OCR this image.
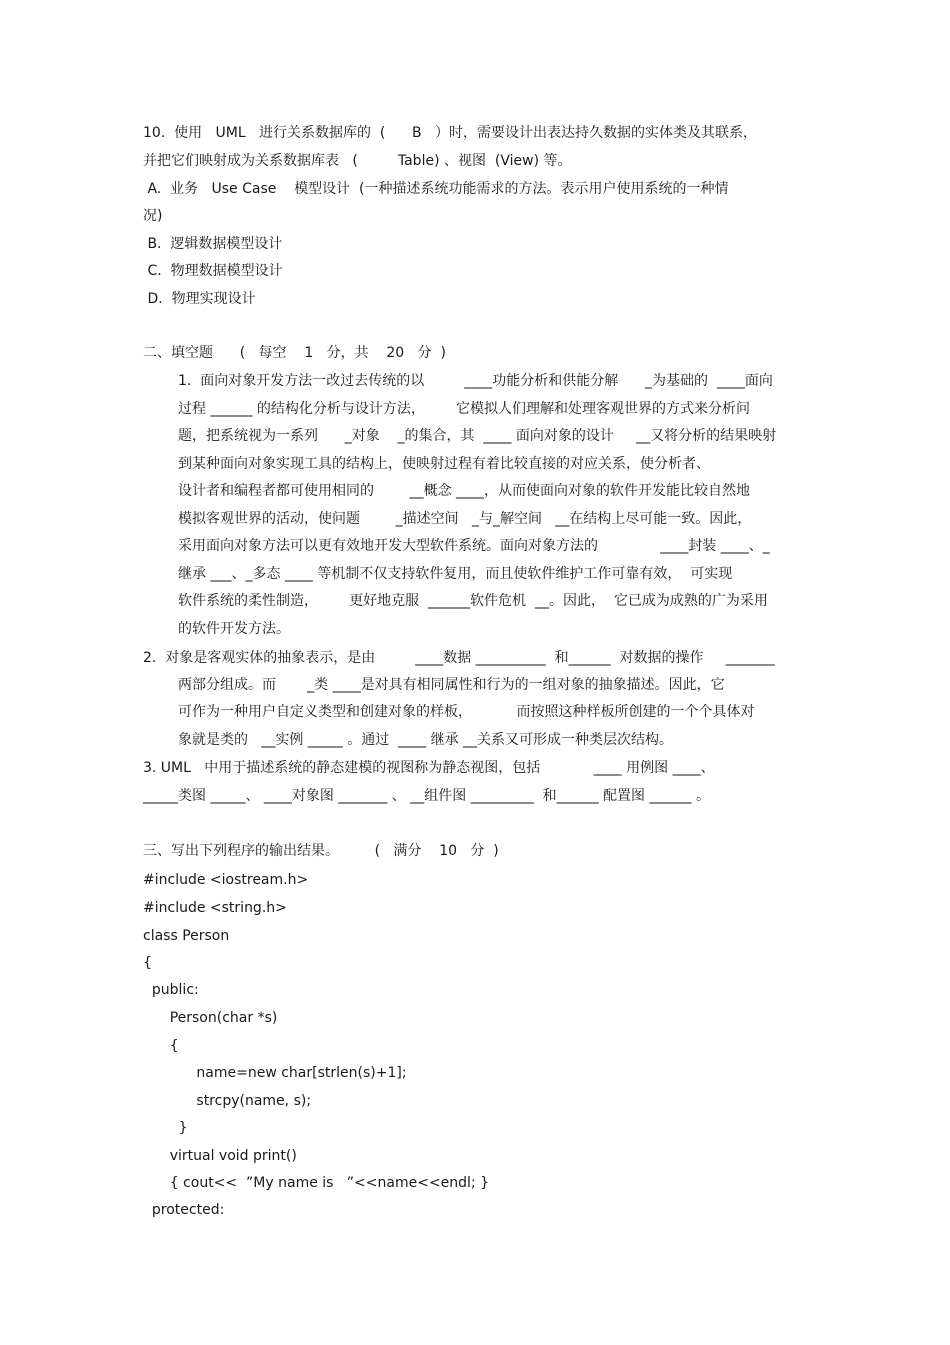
10.  使用   UML   进行关系数据库的  (      B   ）时，需要设计出表达持久数据的实体类及其联系，
并把它们映射成为关系数据库表   (         Table) 、视图  (View) 等。
A.  业务   Use Case    模型设计  (一种描述系统功能需求的方法。表示用户使用系统的一种情
况)
B.  逻辑数据模型设计
C.  物理数据模型设计
D.  物理实现设计
二、填空题      (   每空    1   分，共    20   分  )
1.  面向对象开发方法一改过去传统的以         ____功能分析和供能分解      _为基础的  ____面向
过程 ______ 的结构化分析与设计方法，       它模拟人们理解和处理客观世界的方式来分析问
题，把系统视为一系列      _对象    _的集合，其  ____ 面向对象的设计     __又将分析的结果映射
到某种面向对象实现工具的结构上，使映射过程有着比较直接的对应关系，使分析者、
设计者和编程者都可使用相同的        __概念 ____，从而使面向对象的软件开发能比较自然地
模拟客观世界的活动，使问题        _描述空间   _与_解空间   __在结构上尽可能一致。因此，
采用面向对象方法可以更有效地开发大型软件系统。面向对象方法的              ____封装 ____、_
继承 ___、_多态 ____ 等机制不仅支持软件复用，而且使软件维护工作可靠有效，  可实现
软件系统的柔性制造，       更好地克服  ______软件危机  __。因此，  它已成为成熟的广为采用
的软件开发方法。
2.  对象是客观实体的抽象表示，是由         ____数据 __________  和______  对数据的操作     _______
两部分组成。而       _类 ____是对具有相同属性和行为的一组对象的抽象描述。因此，它
可作为一种用户自定义类型和创建对象的样板，          而按照这种样板所创建的一个个具体对
象就是类的   __实例 _____ 。通过  ____ 继承 __关系又可形成一种类层次结构。
3. UML   中用于描述系统的静态建模的视图称为静态视图，包括            ____ 用例图 ____、
_____类图 _____、 ____对象图 _______ 、 __组件图 _________  和______ 配置图 ______ 。
三、写出下列程序的输出结果。        (   满分    10   分  )
#include <iostream.h>
#include <string.h>
class Person
{
public:
Person(char *s)
{
name=new char[strlen(s)+1];
strcpy(name, s);
}
virtual void print()
{ cout<<  ”My name is   ”<<name<<endl; }
protected:
